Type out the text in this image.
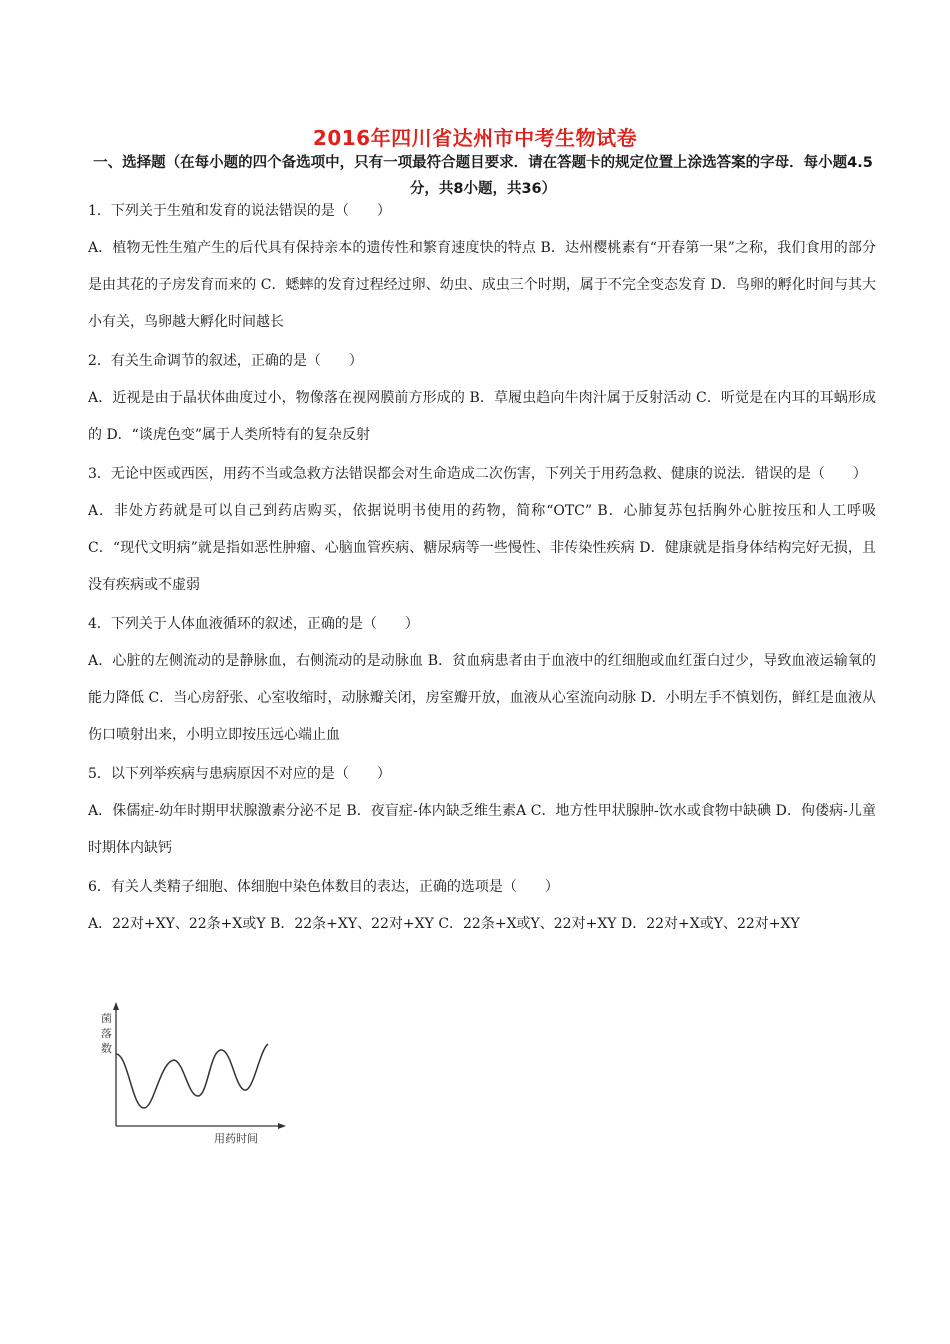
2016年四川省达州市中考生物试卷
一、选择题（在每小题的四个备选项中，只有一项最符合题目要求．请在答题卡的规定位置上涂选答案的字母．每小题4.5分，共8小题，共36）
1．下列关于生殖和发育的说法错误的是（　　）
A．植物无性生殖产生的后代具有保持亲本的遗传性和繁育速度快的特点 B．达州樱桃素有“开春第一果”之称，我们食用的部分是由其花的子房发育而来的 C．蟋蟀的发育过程经过卵、幼虫、成虫三个时期，属于不完全变态发育 D．鸟卵的孵化时间与其大小有关，鸟卵越大孵化时间越长
2．有关生命调节的叙述，正确的是（　　）
A．近视是由于晶状体曲度过小，物像落在视网膜前方形成的 B．草履虫趋向牛肉汁属于反射活动 C．听觉是在内耳的耳蜗形成的 D．“谈虎色变”属于人类所特有的复杂反射
3．无论中医或西医，用药不当或急救方法错误都会对生命造成二次伤害，下列关于用药急救、健康的说法．错误的是（　　）
A．非处方药就是可以自己到药店购买，依据说明书使用的药物，简称“OTC” B．心肺复苏包括胸外心脏按压和人工呼吸 C．“现代文明病”就是指如恶性肿瘤、心脑血管疾病、糖尿病等一些慢性、非传染性疾病 D．健康就是指身体结构完好无损，且没有疾病或不虚弱
4．下列关于人体血液循环的叙述，正确的是（　　）
A．心脏的左侧流动的是静脉血，右侧流动的是动脉血 B．贫血病患者由于血液中的红细胞或血红蛋白过少，导致血液运输氧的能力降低 C．当心房舒张、心室收缩时，动脉瓣关闭，房室瓣开放，血液从心室流向动脉 D．小明左手不慎划伤，鲜红是血液从伤口喷射出来，小明立即按压远心端止血
5．以下列举疾病与患病原因不对应的是（　　）
A．侏儒症-幼年时期甲状腺激素分泌不足 B．夜盲症-体内缺乏维生素A C．地方性甲状腺肿-饮水或食物中缺碘 D．佝偻病-儿童时期体内缺钙
6．有关人类精子细胞、体细胞中染色体数目的表达，正确的选项是（　　）
A．22对+XY、22条+X或Y B．22条+XY、22对+XY C．22条+X或Y、22对+XY D．22对+X或Y、22对+XY
菌
落
数
用药时间
